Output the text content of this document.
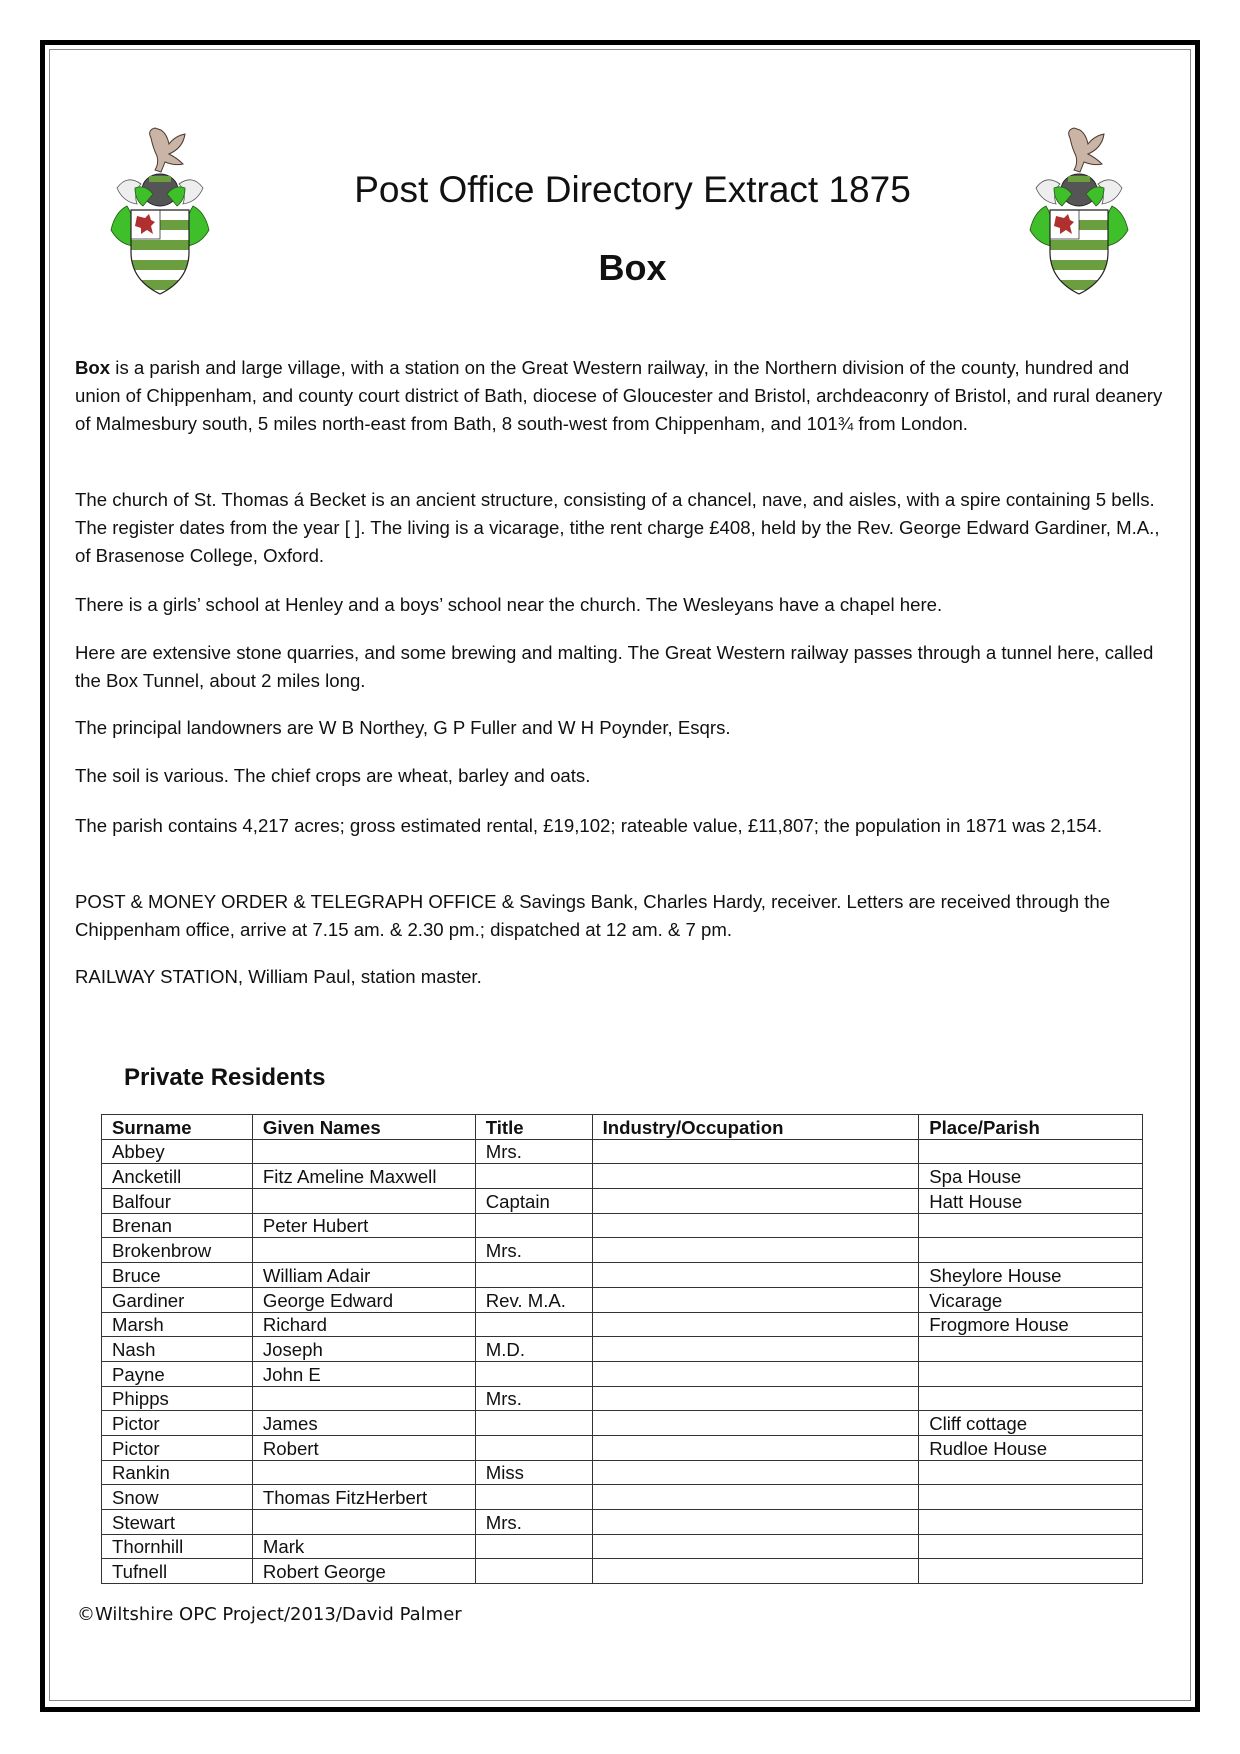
Post Office Directory Extract 1875
Box

Box is a parish and large village, with a station on the Great Western railway, in the Northern division of the county, hundred and union of Chippenham, and county court district of Bath, diocese of Gloucester and Bristol, archdeaconry of Bristol, and rural deanery of Malmesbury south, 5 miles north-east from Bath, 8 south-west from Chippenham, and 101¾ from London.

The church of St. Thomas á Becket is an ancient structure, consisting of a chancel, nave, and aisles, with a spire containing 5 bells. The register dates from the year [ ]. The living is a vicarage, tithe rent charge £408, held by the Rev. George Edward Gardiner, M.A., of Brasenose College, Oxford.

There is a girls’ school at Henley and a boys’ school near the church. The Wesleyans have a chapel here.

Here are extensive stone quarries, and some brewing and malting. The Great Western railway passes through a tunnel here, called the Box Tunnel, about 2 miles long.

The principal landowners are W B Northey, G P Fuller and W H Poynder, Esqrs.

The soil is various. The chief crops are wheat, barley and oats.

The parish contains 4,217 acres; gross estimated rental, £19,102; rateable value, £11,807; the population in 1871 was 2,154.

POST & MONEY ORDER & TELEGRAPH OFFICE & Savings Bank, Charles Hardy, receiver. Letters are received through the Chippenham office, arrive at 7.15 am. & 2.30 pm.; dispatched at 12 am. & 7 pm.

RAILWAY STATION, William Paul, station master.

Private Residents
Surname	Given Names	Title	Industry/Occupation	Place/Parish
Abbey		Mrs.		
Ancketill	Fitz Ameline Maxwell			Spa House
Balfour		Captain		Hatt House
Brenan	Peter Hubert			
Brokenbrow		Mrs.		
Bruce	William Adair			Sheylore House
Gardiner	George Edward	Rev. M.A.		Vicarage
Marsh	Richard			Frogmore House
Nash	Joseph	M.D.		
Payne	John E			
Phipps		Mrs.		
Pictor	James			Cliff cottage
Pictor	Robert			Rudloe House
Rankin		Miss		
Snow	Thomas FitzHerbert			
Stewart		Mrs.		
Thornhill	Mark			
Tufnell	Robert George			
©Wiltshire OPC Project/2013/David Palmer
